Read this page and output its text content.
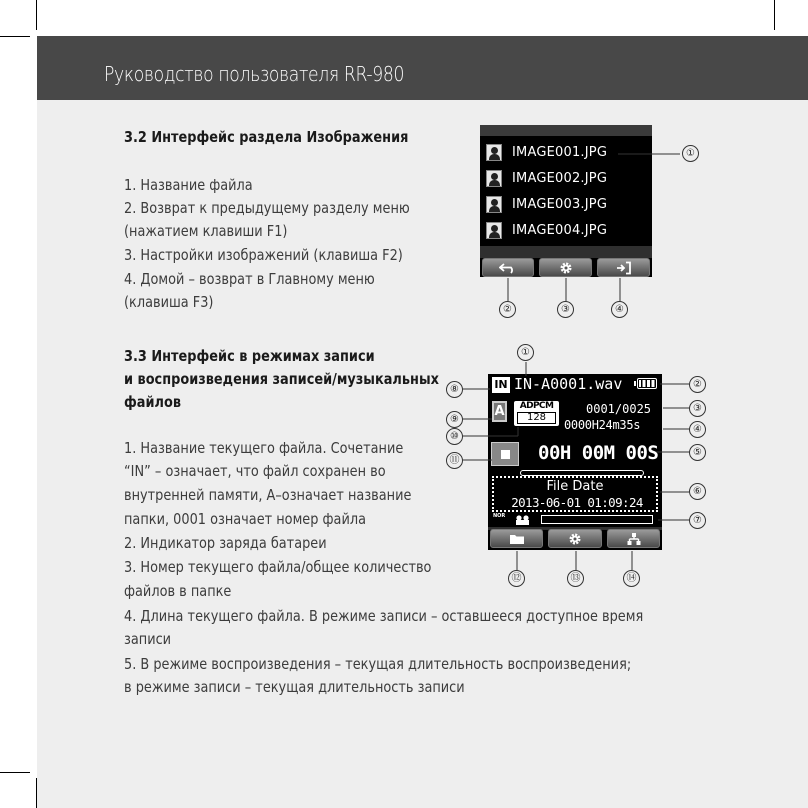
Руководство пользователя RR-980
3.2 Интерфейс раздела Изображения
1. Название файла
2. Возврат к предыдущему разделу меню
(нажатием клавиши F1)
3. Настройки изображений (клавиша F2)
4. Домой – возврат в Главному меню
(клавиша F3)
IMAGE001.JPG
IMAGE002.JPG
IMAGE003.JPG
IMAGE004.JPG
3.3 Интерфейс в режимах записи
и воспроизведения записей/музыкальных
файлов
1. Название текущего файла. Сочетание
“IN” – означает, что файл сохранен во
внутренней памяти, А–означает название
папки, 0001 означает номер файла
2. Индикатор заряда батареи
3. Номер текущего файла/общее количество
файлов в папке
4. Длина текущего файла. В режиме записи – оставшееся доступное время
записи
5. В режиме воспроизведения – текущая длительность воспроизведения;
в режиме записи – текущая длительность записи
IN IN-A0001.wav
A	ADPCM
128
0001/0025
0000H24m35s
00H 00M 00S
File Date
2013-06-01 01:09:24
NOR
①
②	③	④
①
②
③
④
⑤
⑥
⑦
⑧
⑨
⑩
⑪
⑫	⑬	⑭
